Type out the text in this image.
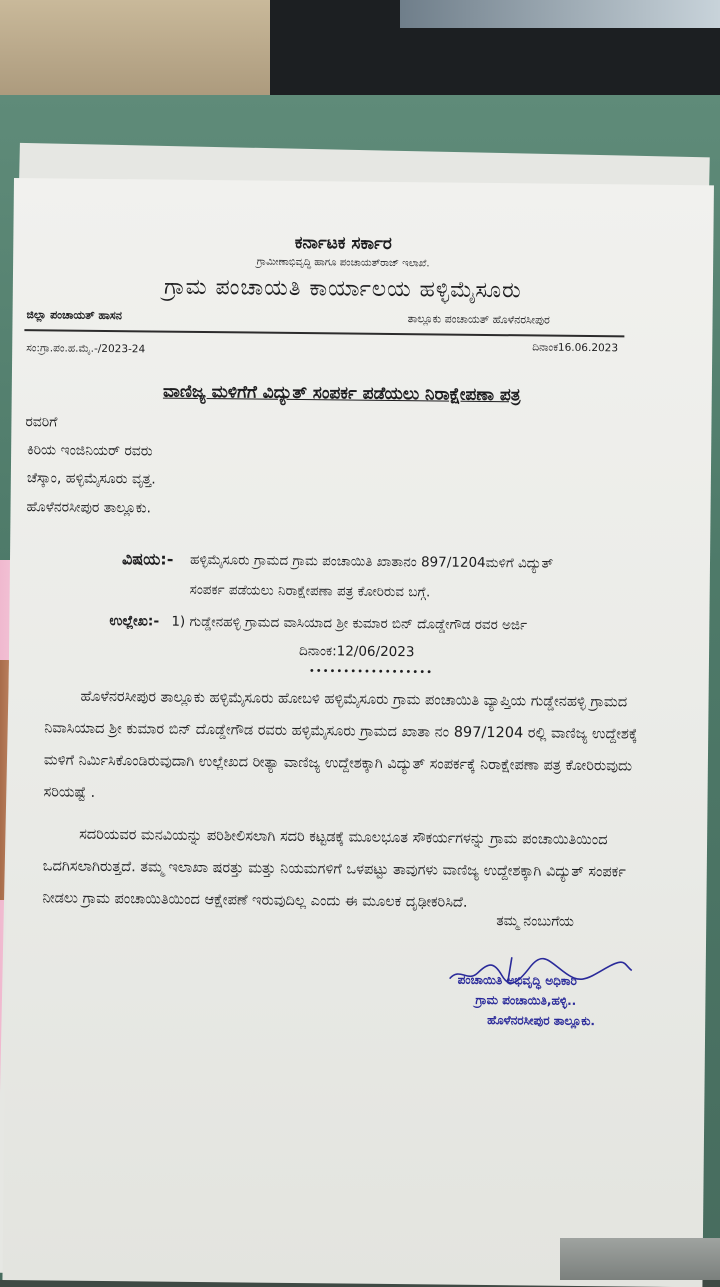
ಕರ್ನಾಟಕ ಸರ್ಕಾರ
ಗ್ರಾಮೀಣಾಭಿವೃದ್ಧಿ ಹಾಗೂ ಪಂಚಾಯತ್‌ರಾಜ್ ಇಲಾಖೆ.
ಗ್ರಾಮ ಪಂಚಾಯತಿ ಕಾರ್ಯಾಲಯ ಹಳ್ಳಿಮೈಸೂರು
ಜಿಲ್ಲಾ ಪಂಚಾಯತ್ ಹಾಸನ	ತಾಲ್ಲೂಕು ಪಂಚಾಯತ್ ಹೊಳೆನರಸೀಪುರ
ಸಂ:ಗ್ರಾ.ಪಂ.ಹ.ಮೈ.-/2023-24	ದಿನಾಂಕ16.06.2023
ವಾಣಿಜ್ಯ ಮಳಿಗೆಗೆ ವಿದ್ಯುತ್ ಸಂಪರ್ಕ ಪಡೆಯಲು ನಿರಾಕ್ಷೇಪಣಾ ಪತ್ರ
ರವರಿಗೆ
ಕಿರಿಯ ಇಂಜಿನಿಯರ್ ರವರು
ಚೆಸ್ಕಾಂ, ಹಳ್ಳಿಮೈಸೂರು ವೃತ್ತ.
ಹೊಳೆನರಸೀಪುರ ತಾಲ್ಲೂಕು.
ವಿಷಯ:- ಹಳ್ಳಿಮೈಸೂರು ಗ್ರಾಮದ ಗ್ರಾಮ ಪಂಚಾಯಿತಿ ಖಾತಾನಂ 897/1204ಮಳಿಗೆ ವಿದ್ಯುತ್
ಸಂಪರ್ಕ ಪಡೆಯಲು ನಿರಾಕ್ಷೇಪಣಾ ಪತ್ರ ಕೋರಿರುವ ಬಗ್ಗೆ.
ಉಲ್ಲೇಖ:- 1) ಗುಡ್ಡೇನಹಳ್ಳಿ ಗ್ರಾಮದ ವಾಸಿಯಾದ ಶ್ರೀ ಕುಮಾರ ಬಿನ್ ದೊಡ್ಡೇಗೌಡ ರವರ ಅರ್ಜಿ
ದಿನಾಂಕ:12/06/2023
••••••••••••••••••
ಹೊಳೆನರಸೀಪುರ ತಾಲ್ಲೂಕು ಹಳ್ಳಿಮೈಸೂರು ಹೋಬಳಿ ಹಳ್ಳಿಮೈಸೂರು ಗ್ರಾಮ ಪಂಚಾಯಿತಿ ವ್ಯಾಪ್ತಿಯ ಗುಡ್ಡೇನಹಳ್ಳಿ ಗ್ರಾಮದ ನಿವಾಸಿಯಾದ ಶ್ರೀ ಕುಮಾರ ಬಿನ್ ದೊಡ್ಡೇಗೌಡ ರವರು ಹಳ್ಳಿಮೈಸೂರು ಗ್ರಾಮದ ಖಾತಾ ನಂ 897/1204 ರಲ್ಲಿ ವಾಣಿಜ್ಯ ಉದ್ದೇಶಕ್ಕೆ ಮಳಿಗೆ ನಿರ್ಮಿಸಿಕೊಂಡಿರುವುದಾಗಿ ಉಲ್ಲೇಖದ ರೀತ್ಯಾ ವಾಣಿಜ್ಯ ಉದ್ದೇಶಕ್ಕಾಗಿ ವಿದ್ಯುತ್ ಸಂಪರ್ಕಕ್ಕೆ ನಿರಾಕ್ಷೇಪಣಾ ಪತ್ರ ಕೋರಿರುವುದು ಸರಿಯಷ್ಟೆ .
ಸದರಿಯವರ ಮನವಿಯನ್ನು ಪರಿಶೀಲಿಸಲಾಗಿ ಸದರಿ ಕಟ್ಟಡಕ್ಕೆ ಮೂಲಭೂತ ಸೌಕರ್ಯಗಳನ್ನು ಗ್ರಾಮ ಪಂಚಾಯಿತಿಯಿಂದ ಒದಗಿಸಲಾಗಿರುತ್ತದೆ. ತಮ್ಮ ಇಲಾಖಾ ಷರತ್ತು ಮತ್ತು ನಿಯಮಗಳಿಗೆ ಒಳಪಟ್ಟು ತಾವುಗಳು ವಾಣಿಜ್ಯ ಉದ್ದೇಶಕ್ಕಾಗಿ ವಿದ್ಯುತ್ ಸಂಪರ್ಕ ನೀಡಲು ಗ್ರಾಮ ಪಂಚಾಯಿತಿಯಿಂದ ಆಕ್ಷೇಪಣೆ ಇರುವುದಿಲ್ಲ ಎಂದು ಈ ಮೂಲಕ ದೃಢೀಕರಿಸಿದೆ.
ತಮ್ಮ ನಂಬುಗೆಯ
ಪಂಚಾಯಿತಿ ಅಭಿವೃದ್ಧಿ ಅಧಿಕಾರಿ
ಗ್ರಾಮ ಪಂಚಾಯಿತಿ,ಹಳ್ಳಿ..
ಹೊಳೆನರಸೀಪುರ ತಾಲ್ಲೂಕು.
